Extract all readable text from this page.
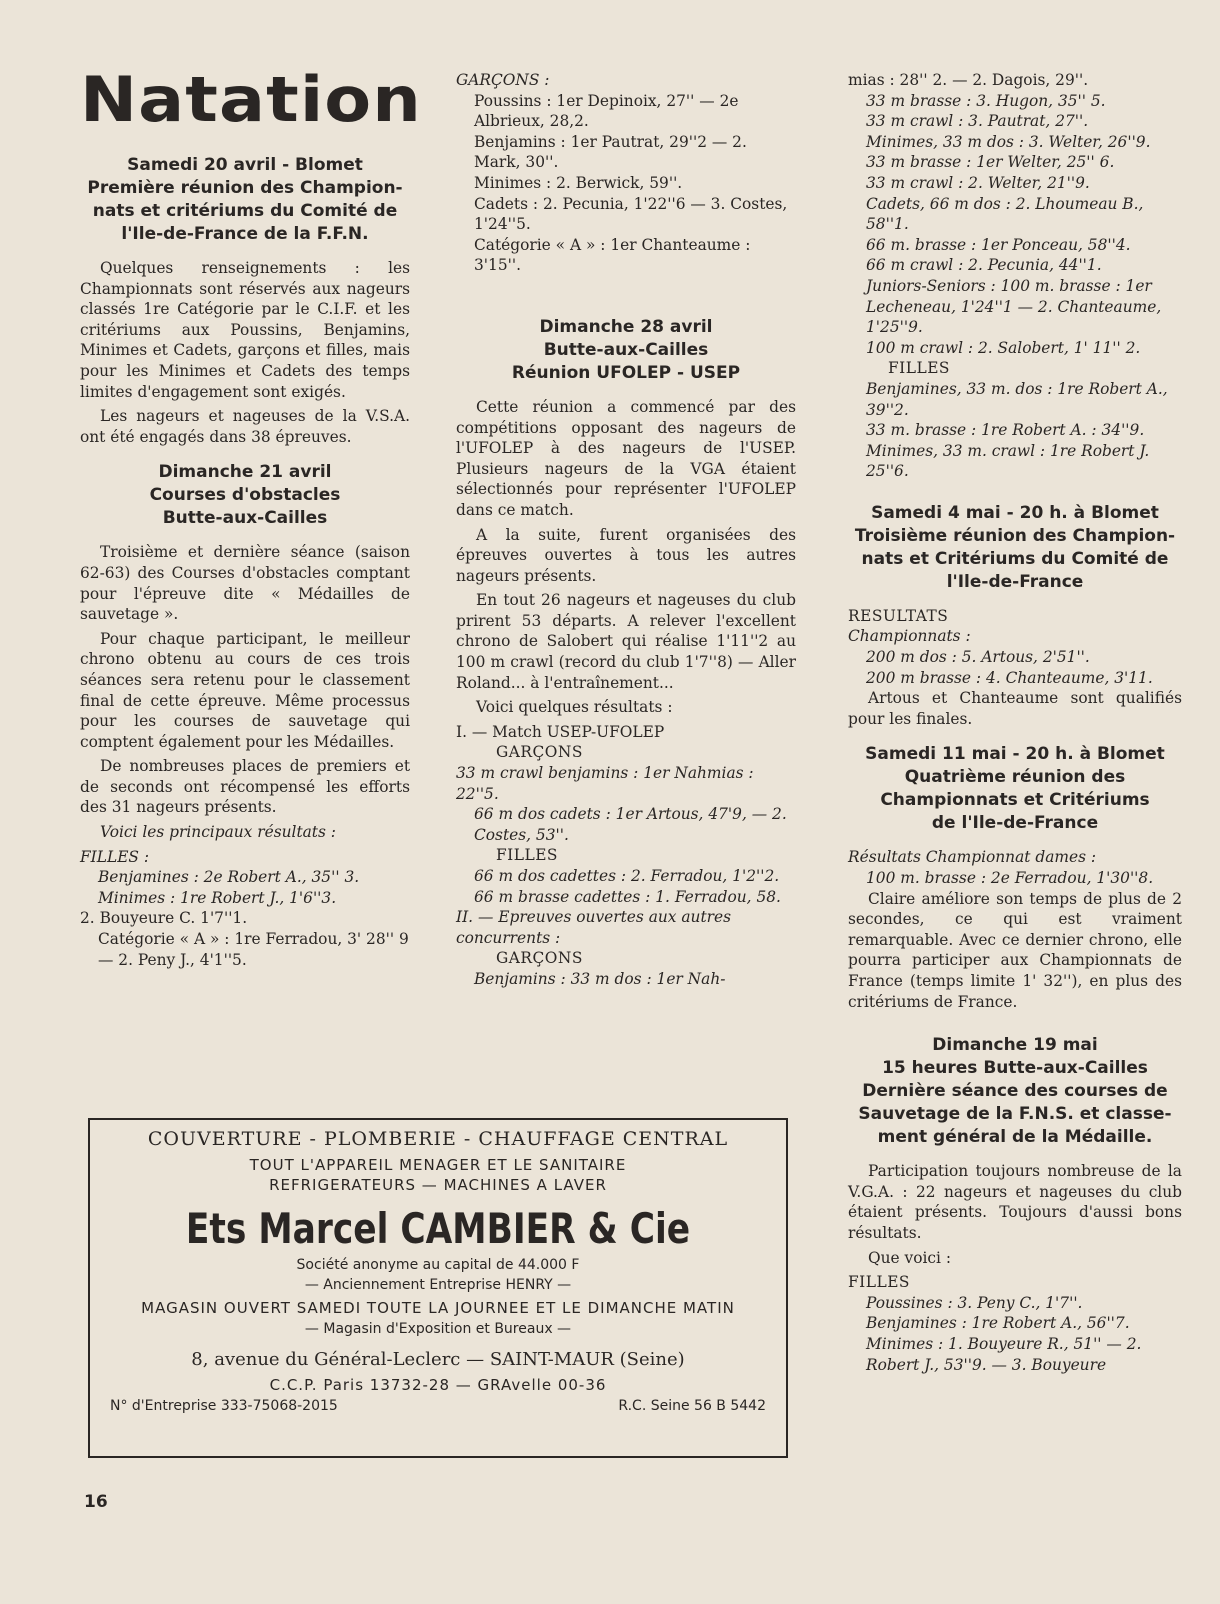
Natation
Samedi 20 avril - Blomet
Première réunion des Champion-
nats et critériums du Comité de
l'Ile-de-France de la F.F.N.

Quelques renseignements : les Championnats sont réservés aux nageurs classés 1re Catégorie par le C.I.F. et les critériums aux Poussins, Benjamins, Minimes et Cadets, garçons et filles, mais pour les Minimes et Cadets des temps limites d'engagement sont exigés.

Les nageurs et nageuses de la V.S.A. ont été engagés dans 38 épreuves.

Dimanche 21 avril
Courses d'obstacles
Butte-aux-Cailles

Troisième et dernière séance (saison 62-63) des Courses d'obstacles comptant pour l'épreuve dite « Médailles de sauvetage ».

Pour chaque participant, le meilleur chrono obtenu au cours de ces trois séances sera retenu pour le classement final de cette épreuve. Même processus pour les courses de sauvetage qui comptent également pour les Médailles.

De nombreuses places de premiers et de seconds ont récompensé les efforts des 31 nageurs présents.

Voici les principaux résultats :

FILLES :

Benjamines : 2e Robert A., 35'' 3.

Minimes : 1re Robert J., 1'6''3.

2. Bouyeure C. 1'7''1.

Catégorie « A » : 1re Ferradou, 3' 28'' 9 — 2. Peny J., 4'1''5.

GARÇONS :

Poussins : 1er Depinoix, 27'' — 2e Albrieux, 28,2.

Benjamins : 1er Pautrat, 29''2 — 2. Mark, 30''.

Minimes : 2. Berwick, 59''.

Cadets : 2. Pecunia, 1'22''6 — 3. Costes, 1'24''5.

Catégorie « A » : 1er Chanteaume : 3'15''.

Dimanche 28 avril
Butte-aux-Cailles
Réunion UFOLEP - USEP

Cette réunion a commencé par des compétitions opposant des nageurs de l'UFOLEP à des nageurs de l'USEP. Plusieurs nageurs de la VGA étaient sélectionnés pour représenter l'UFOLEP dans ce match.

A la suite, furent organisées des épreuves ouvertes à tous les autres nageurs présents.

En tout 26 nageurs et nageuses du club prirent 53 départs. A relever l'excellent chrono de Salobert qui réalise 1'11''2 au 100 m crawl (record du club 1'7''8) — Aller Roland... à l'entraînement...

Voici quelques résultats :

I. — Match USEP-UFOLEP

GARÇONS

33 m crawl benjamins : 1er Nahmias : 22''5.

66 m dos cadets : 1er Artous, 47'9, — 2. Costes, 53''.

FILLES

66 m dos cadettes : 2. Ferradou, 1'2''2.

66 m brasse cadettes : 1. Ferradou, 58.

II. — Epreuves ouvertes aux autres concurrents :

GARÇONS

Benjamins : 33 m dos : 1er Nah-

mias : 28'' 2. — 2. Dagois, 29''.

33 m brasse : 3. Hugon, 35'' 5.

33 m crawl : 3. Pautrat, 27''.

Minimes, 33 m dos : 3. Welter, 26''9.

33 m brasse : 1er Welter, 25'' 6.

33 m crawl : 2. Welter, 21''9.

Cadets, 66 m dos : 2. Lhoumeau B., 58''1.

66 m. brasse : 1er Ponceau, 58''4.

66 m crawl : 2. Pecunia, 44''1.

Juniors-Seniors : 100 m. brasse : 1er Lecheneau, 1'24''1 — 2. Chanteaume, 1'25''9.

100 m crawl : 2. Salobert, 1' 11'' 2.

FILLES

Benjamines, 33 m. dos : 1re Robert A., 39''2.

33 m. brasse : 1re Robert A. : 34''9.

Minimes, 33 m. crawl : 1re Robert J. 25''6.

Samedi 4 mai - 20 h. à Blomet
Troisième réunion des Champion-
nats et Critériums du Comité de
l'Ile-de-France

RESULTATS

Championnats :

200 m dos : 5. Artous, 2'51''.

200 m brasse : 4. Chanteaume, 3'11.

Artous et Chanteaume sont qualifiés pour les finales.

Samedi 11 mai - 20 h. à Blomet
Quatrième réunion des
Championnats et Critériums
de l'Ile-de-France

Résultats Championnat dames :

100 m. brasse : 2e Ferradou, 1'30''8.

Claire améliore son temps de plus de 2 secondes, ce qui est vraiment remarquable. Avec ce dernier chrono, elle pourra participer aux Championnats de France (temps limite 1' 32''), en plus des critériums de France.

Dimanche 19 mai
15 heures Butte-aux-Cailles
Dernière séance des courses de
Sauvetage de la F.N.S. et classe-
ment général de la Médaille.

Participation toujours nombreuse de la V.G.A. : 22 nageurs et nageuses du club étaient présents. Toujours d'aussi bons résultats.

Que voici :

FILLES

Poussines : 3. Peny C., 1'7''.

Benjamines : 1re Robert A., 56''7.

Minimes : 1. Bouyeure R., 51'' — 2. Robert J., 53''9. — 3. Bouyeure

COUVERTURE - PLOMBERIE - CHAUFFAGE CENTRAL
TOUT L'APPAREIL MENAGER ET LE SANITAIRE
REFRIGERATEURS — MACHINES A LAVER
Ets Marcel CAMBIER & Cie
Société anonyme au capital de 44.000 F
— Anciennement Entreprise HENRY —
MAGASIN OUVERT SAMEDI TOUTE LA JOURNEE ET LE DIMANCHE MATIN
— Magasin d'Exposition et Bureaux —
8, avenue du Général-Leclerc — SAINT-MAUR (Seine)
C.C.P. Paris 13732-28 — GRAvelle 00-36
N° d'Entreprise 333-75068-2015	R.C. Seine 56 B 5442
16
